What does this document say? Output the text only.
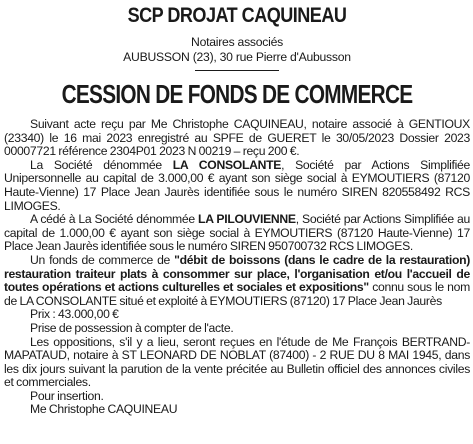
SCP DROJAT CAQUINEAU
Notaires associés
AUBUSSON (23), 30 rue Pierre d'Aubusson
CESSION DE FONDS DE COMMERCE

Suivant acte reçu par Me Christophe CAQUINEAU, notaire associé à GENTIOUX (23340) le 16 mai 2023 enregistré au SPFE de GUERET le 30/05/2023 Dossier 2023 00007721 référence 2304P01 2023 N 00219 – reçu 200 €.

La Société dénommée LA CONSOLANTE, Société par Actions Simplifiée Unipersonnelle au capital de 3.000,00 € ayant son siège social à EYMOUTIERS (87120 Haute-Vienne) 17 Place Jean Jaurès identifiée sous le numéro SIREN 820558492 RCS LIMOGES.

A cédé à La Société dénommée LA PILOUVIENNE, Société par Actions Simplifiée au capital de 1.000,00 € ayant son siège social à EYMOUTIERS (87120 Haute-Vienne) 17 Place Jean Jaurès identifiée sous le numéro SIREN 950700732 RCS LIMOGES.

Un fonds de commerce de "débit de boissons (dans le cadre de la restauration) restauration traiteur plats à consommer sur place, l'organisation et/ou l'accueil de toutes opérations et actions culturelles et sociales et expositions" connu sous le nom de LA CONSOLANTE situé et exploité à EYMOUTIERS (87120) 17 Place Jean Jaurès

Prix : 43.000,00 €

Prise de possession à compter de l'acte.

Les oppositions, s'il y a lieu, seront reçues en l'étude de Me François BERTRAND-MAPATAUD, notaire à ST LEONARD DE NOBLAT (87400) - 2 RUE DU 8 MAI 1945, dans les dix jours suivant la parution de la vente précitée au Bulletin officiel des annonces civiles et commerciales.

Pour insertion.

Me Christophe CAQUINEAU
